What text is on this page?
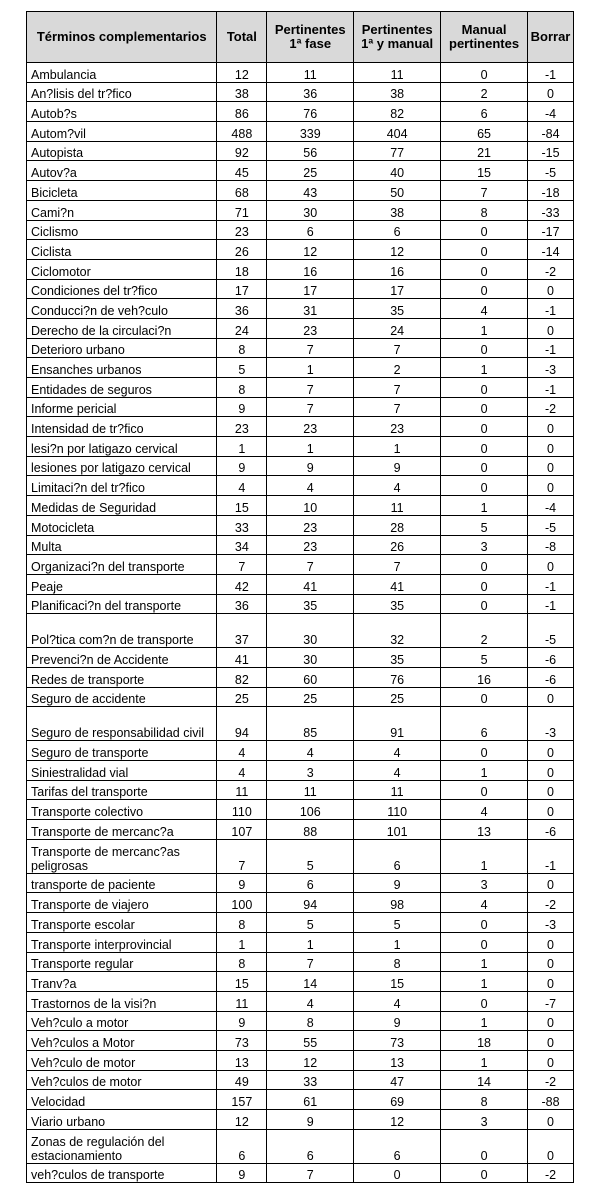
Términos complementarios	Total	Pertinentes 1ª fase	Pertinentes 1ª y manual	Manual pertinentes	Borrar
Ambulancia	12	11	11	0	-1
An?lisis del tr?fico	38	36	38	2	0
Autob?s	86	76	82	6	-4
Autom?vil	488	339	404	65	-84
Autopista	92	56	77	21	-15
Autov?a	45	25	40	15	-5
Bicicleta	68	43	50	7	-18
Cami?n	71	30	38	8	-33
Ciclismo	23	6	6	0	-17
Ciclista	26	12	12	0	-14
Ciclomotor	18	16	16	0	-2
Condiciones del tr?fico	17	17	17	0	0
Conducci?n de veh?culo	36	31	35	4	-1
Derecho de la circulaci?n	24	23	24	1	0
Deterioro urbano	8	7	7	0	-1
Ensanches urbanos	5	1	2	1	-3
Entidades de seguros	8	7	7	0	-1
Informe pericial	9	7	7	0	-2
Intensidad de tr?fico	23	23	23	0	0
lesi?n por latigazo cervical	1	1	1	0	0
lesiones por latigazo cervical	9	9	9	0	0
Limitaci?n del tr?fico	4	4	4	0	0
Medidas de Seguridad	15	10	11	1	-4
Motocicleta	33	23	28	5	-5
Multa	34	23	26	3	-8
Organizaci?n del transporte	7	7	7	0	0
Peaje	42	41	41	0	-1
Planificaci?n del transporte	36	35	35	0	-1
Pol?tica com?n de transporte	37	30	32	2	-5
Prevenci?n de Accidente	41	30	35	5	-6
Redes de transporte	82	60	76	16	-6
Seguro de accidente	25	25	25	0	0
Seguro de responsabilidad civil	94	85	91	6	-3
Seguro de transporte	4	4	4	0	0
Siniestralidad vial	4	3	4	1	0
Tarifas del transporte	11	11	11	0	0
Transporte colectivo	110	106	110	4	0
Transporte de mercanc?a	107	88	101	13	-6
Transporte de mercanc?as peligrosas	7	5	6	1	-1
transporte de paciente	9	6	9	3	0
Transporte de viajero	100	94	98	4	-2
Transporte escolar	8	5	5	0	-3
Transporte interprovincial	1	1	1	0	0
Transporte regular	8	7	8	1	0
Tranv?a	15	14	15	1	0
Trastornos de la visi?n	11	4	4	0	-7
Veh?culo a motor	9	8	9	1	0
Veh?culos a Motor	73	55	73	18	0
Veh?culo de motor	13	12	13	1	0
Veh?culos de motor	49	33	47	14	-2
Velocidad	157	61	69	8	-88
Viario urbano	12	9	12	3	0
Zonas de regulación del estacionamiento	6	6	6	0	0
veh?culos de transporte	9	7	0	0	-2
